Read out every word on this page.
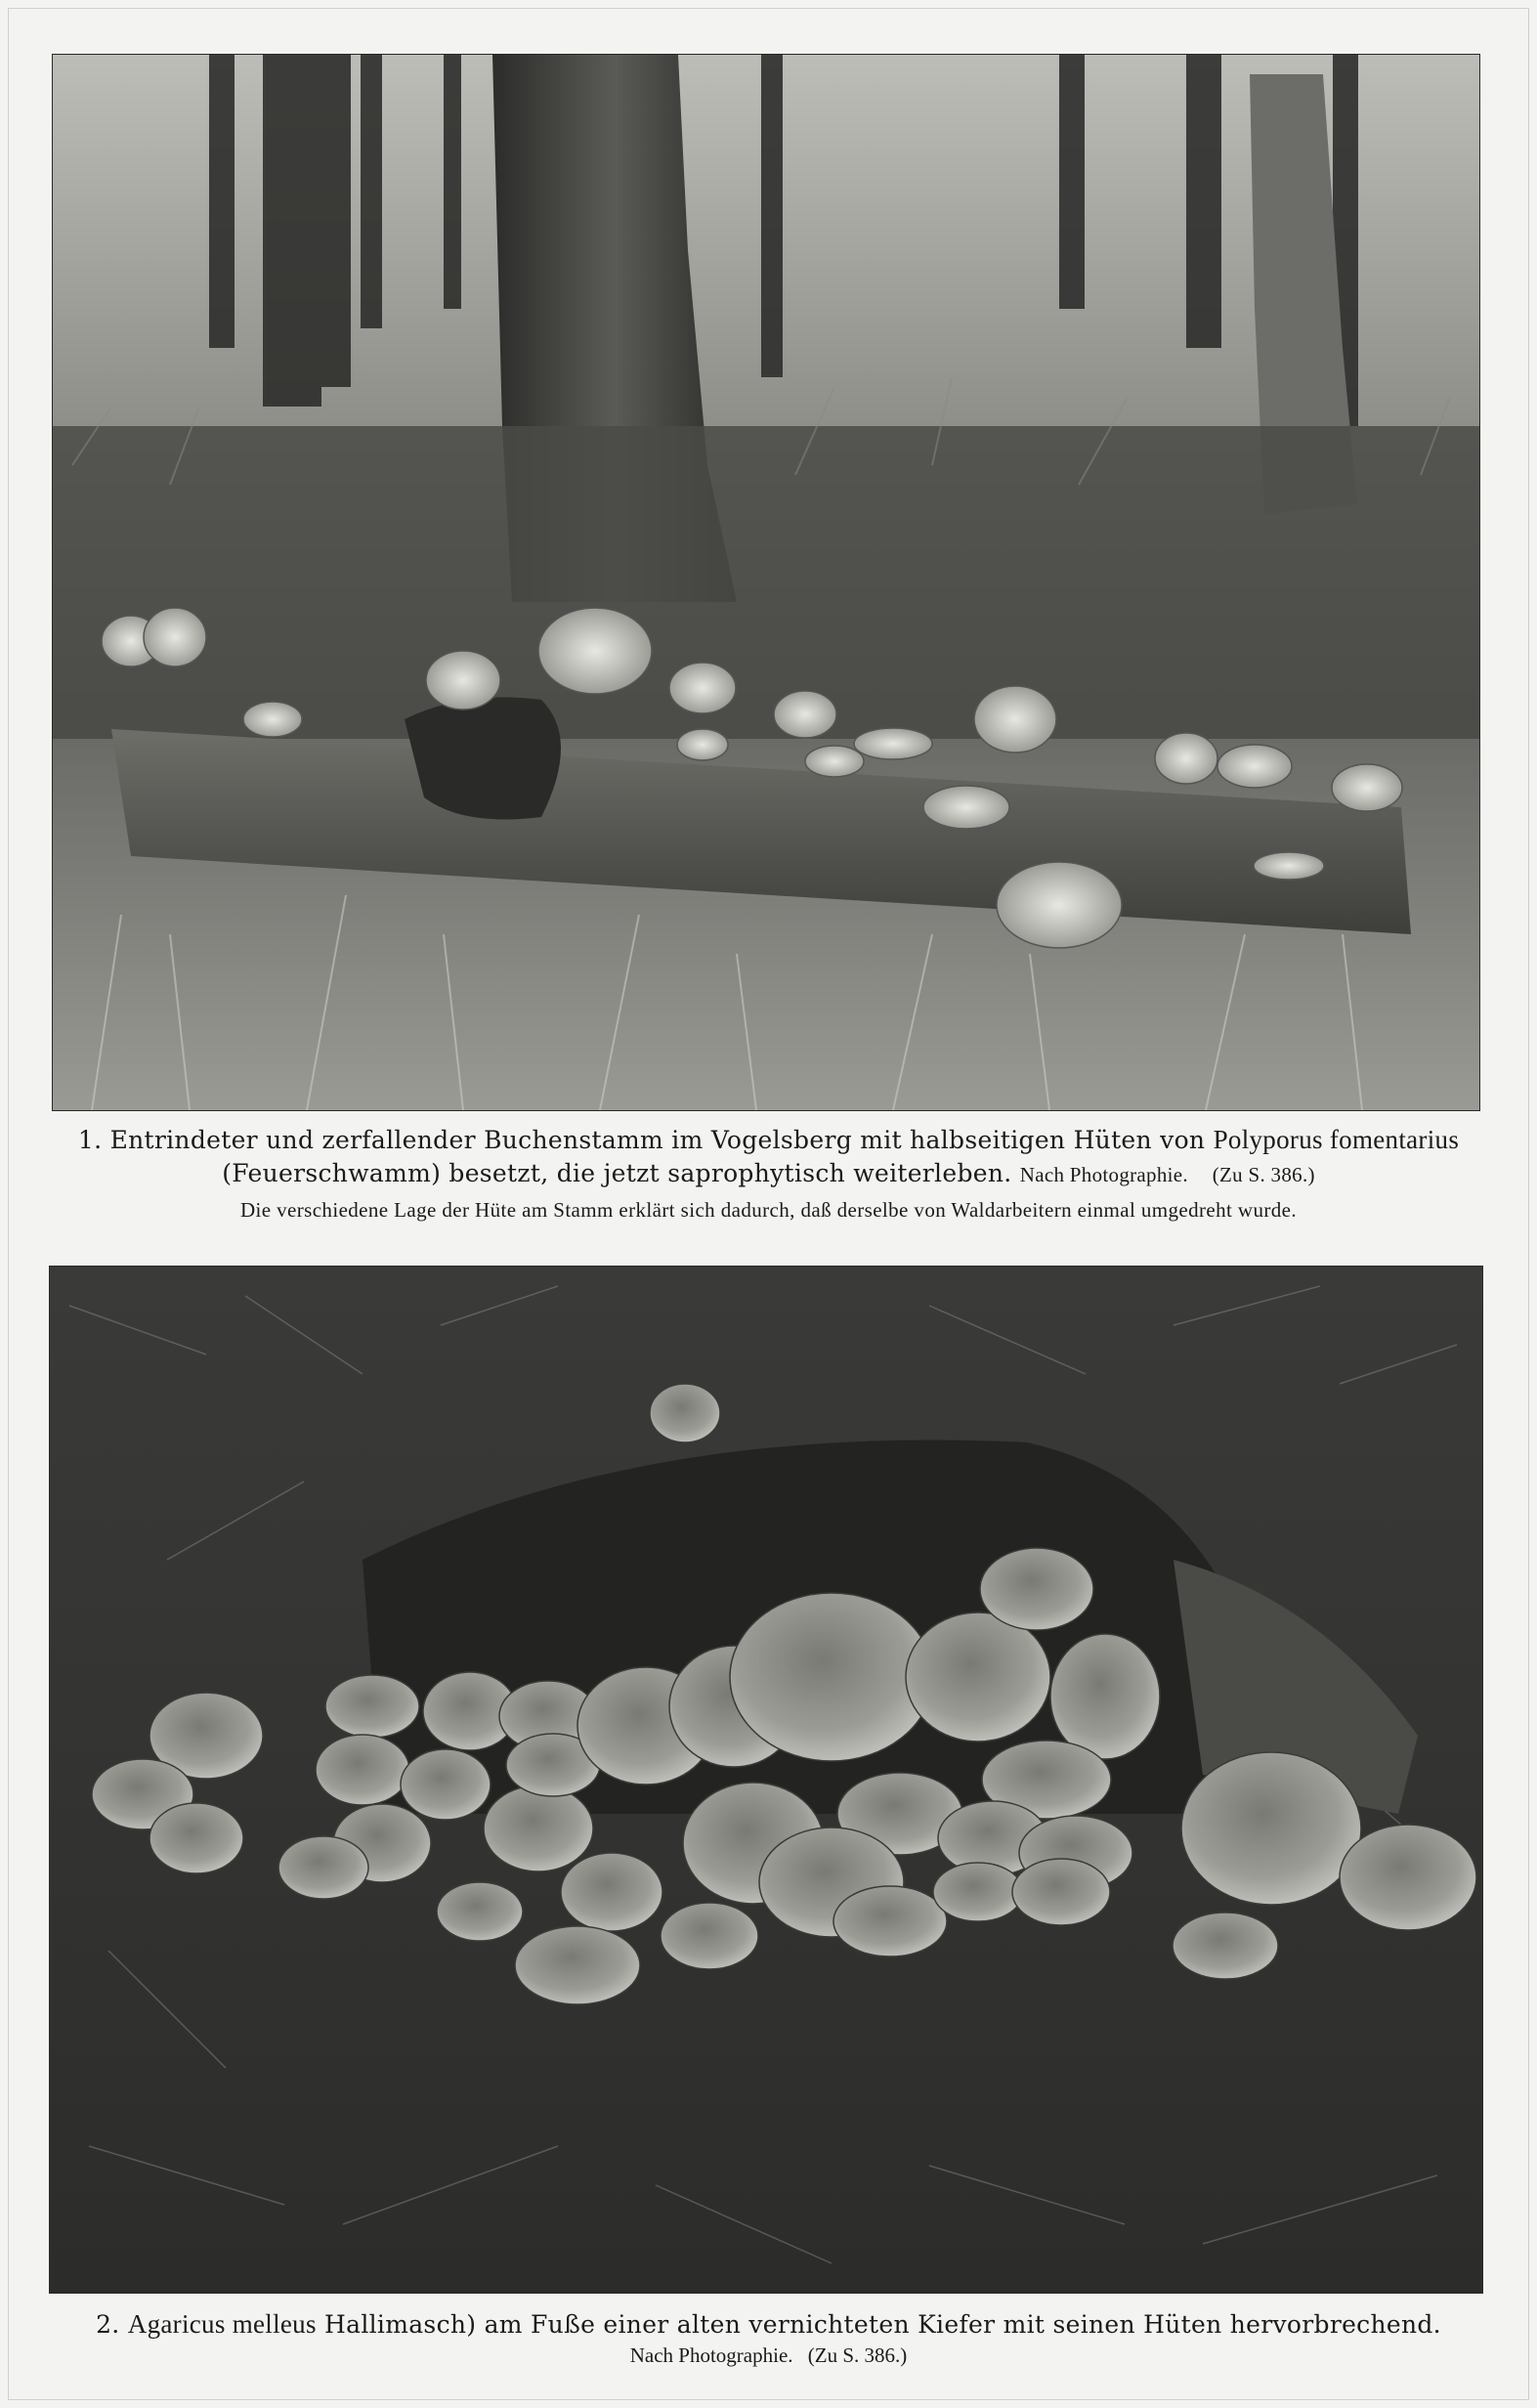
1. Entrindeter und zerfallender Buchenstamm im Vogelsberg mit halbseitigen Hüten von Polyporus fomentarius
(Feuerschwamm) besetzt, die jetzt saprophytisch weiterleben. Nach Photographie. (Zu S. 386.)
Die verschiedene Lage der Hüte am Stamm erklärt sich dadurch, daß derselbe von Waldarbeitern einmal umgedreht wurde.
2. Agaricus melleus Hallimasch) am Fuße einer alten vernichteten Kiefer mit seinen Hüten hervorbrechend.
Nach Photographie. (Zu S. 386.)
